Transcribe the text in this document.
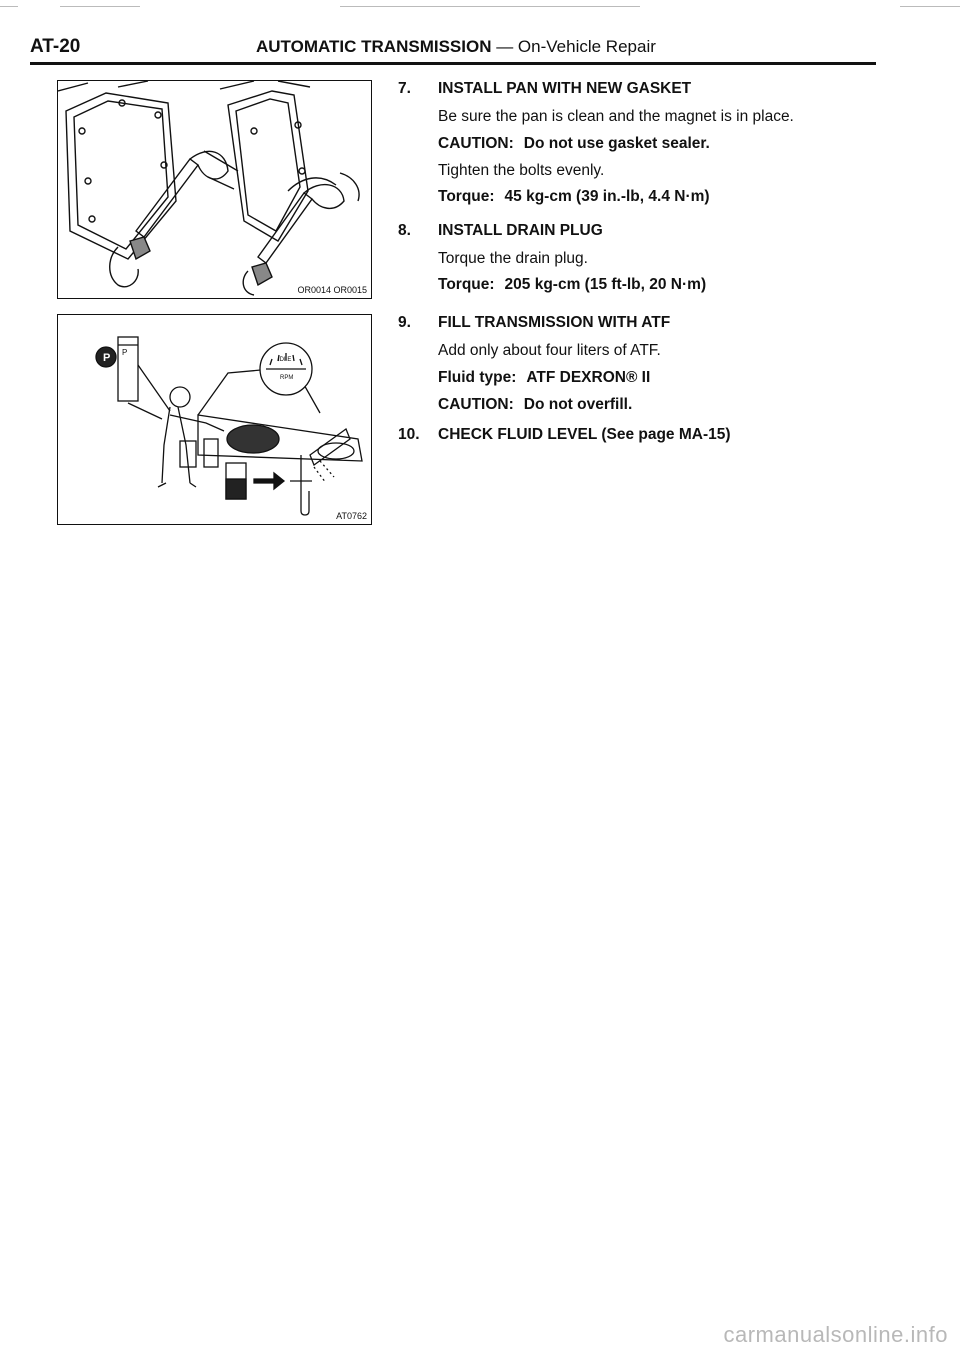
AT-20	AUTOMATIC TRANSMISSION — On-Vehicle Repair
OR0014 OR0015
P
P	IDLE
RPM
AT0762
7. INSTALL PAN WITH NEW GASKET
Be sure the pan is clean and the magnet is in place.
CAUTION: Do not use gasket sealer.
Tighten the bolts evenly.
Torque: 45 kg-cm (39 in.-lb, 4.4 N·m)
8. INSTALL DRAIN PLUG
Torque the drain plug.
Torque: 205 kg-cm (15 ft-lb, 20 N·m)
9. FILL TRANSMISSION WITH ATF
Add only about four liters of ATF.
Fluid type: ATF DEXRON® II
CAUTION: Do not overfill.
10. CHECK FLUID LEVEL (See page MA-15)
carmanualsonline.info
